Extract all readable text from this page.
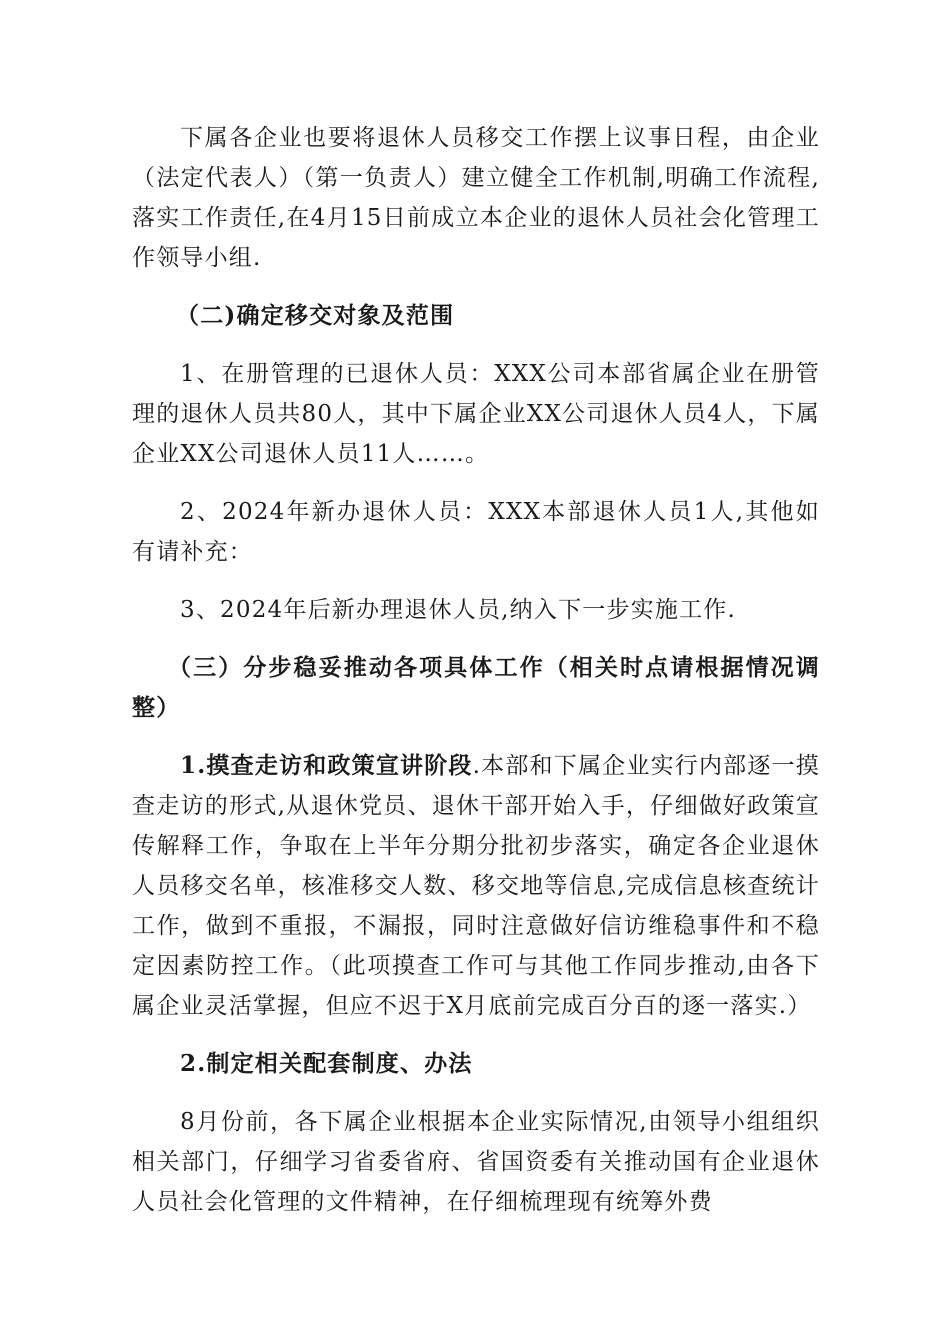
下属各企业也要将退休人员移交工作摆上议事日程，由企业（法定代表人）（第一负责人）建立健全工作机制,明确工作流程,落实工作责任,在4月15日前成立本企业的退休人员社会化管理工作领导小组.

（二)确定移交对象及范围

1、在册管理的已退休人员：XXX公司本部省属企业在册管理的退休人员共80人，其中下属企业XX公司退休人员4人，下属企业XX公司退休人员11人……。

2、2024年新办退休人员：XXX本部退休人员1人,其他如有请补充：

3、2024年后新办理退休人员,纳入下一步实施工作.

（三）分步稳妥推动各项具体工作（相关时点请根据情况调整）

1.摸查走访和政策宣讲阶段.本部和下属企业实行内部逐一摸查走访的形式,从退休党员、退休干部开始入手，仔细做好政策宣传解释工作，争取在上半年分期分批初步落实，确定各企业退休人员移交名单，核准移交人数、移交地等信息,完成信息核查统计工作，做到不重报，不漏报，同时注意做好信访维稳事件和不稳定因素防控工作。（此项摸查工作可与其他工作同步推动,由各下属企业灵活掌握，但应不迟于X月底前完成百分百的逐一落实.）

2.制定相关配套制度、办法

8月份前，各下属企业根据本企业实际情况,由领导小组组织相关部门，仔细学习省委省府、省国资委有关推动国有企业退休人员社会化管理的文件精神，在仔细梳理现有统筹外费
